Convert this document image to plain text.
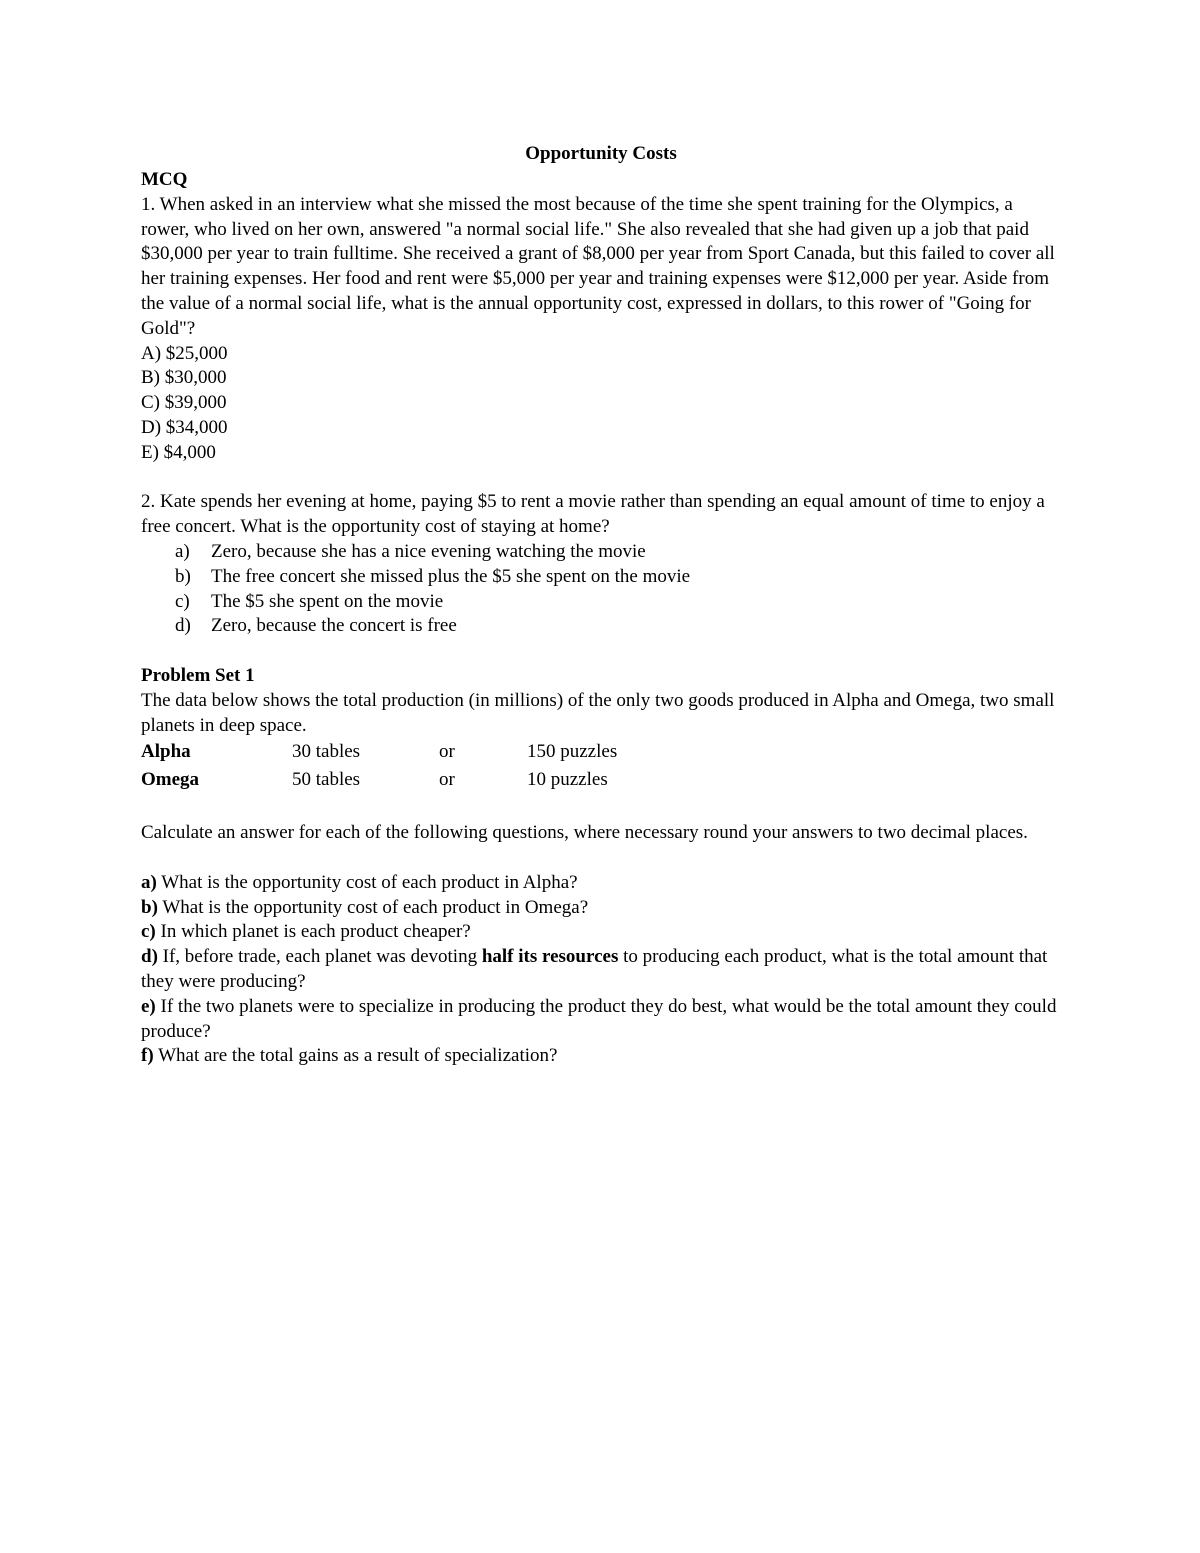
Opportunity Costs

MCQ

1. When asked in an interview what she missed the most because of the time she spent training for the Olympics, a rower, who lived on her own, answered "a normal social life." She also revealed that she had given up a job that paid $30,000 per year to train fulltime. She received a grant of $8,000 per year from Sport Canada, but this failed to cover all her training expenses. Her food and rent were $5,000 per year and training expenses were $12,000 per year. Aside from the value of a normal social life, what is the annual opportunity cost, expressed in dollars, to this rower of "Going for Gold"?

A) $25,000

B) $30,000

C) $39,000

D) $34,000

E) $4,000

2. Kate spends her evening at home, paying $5 to rent a movie rather than spending an equal amount of time to enjoy a free concert. What is the opportunity cost of staying at home?

a) Zero, because she has a nice evening watching the movie
b) The free concert she missed plus the $5 she spent on the movie
c) The $5 she spent on the movie
d) Zero, because the concert is free

Problem Set 1

The data below shows the total production (in millions) of the only two goods produced in Alpha and Omega, two small planets in deep space.

Alpha	30 tables	or	150 puzzles
Omega	50 tables	or	10 puzzles

Calculate an answer for each of the following questions, where necessary round your answers to two decimal places.

a) What is the opportunity cost of each product in Alpha?

b) What is the opportunity cost of each product in Omega?

c) In which planet is each product cheaper?

d) If, before trade, each planet was devoting half its resources to producing each product, what is the total amount that they were producing?

e) If the two planets were to specialize in producing the product they do best, what would be the total amount they could produce?

f) What are the total gains as a result of specialization?
